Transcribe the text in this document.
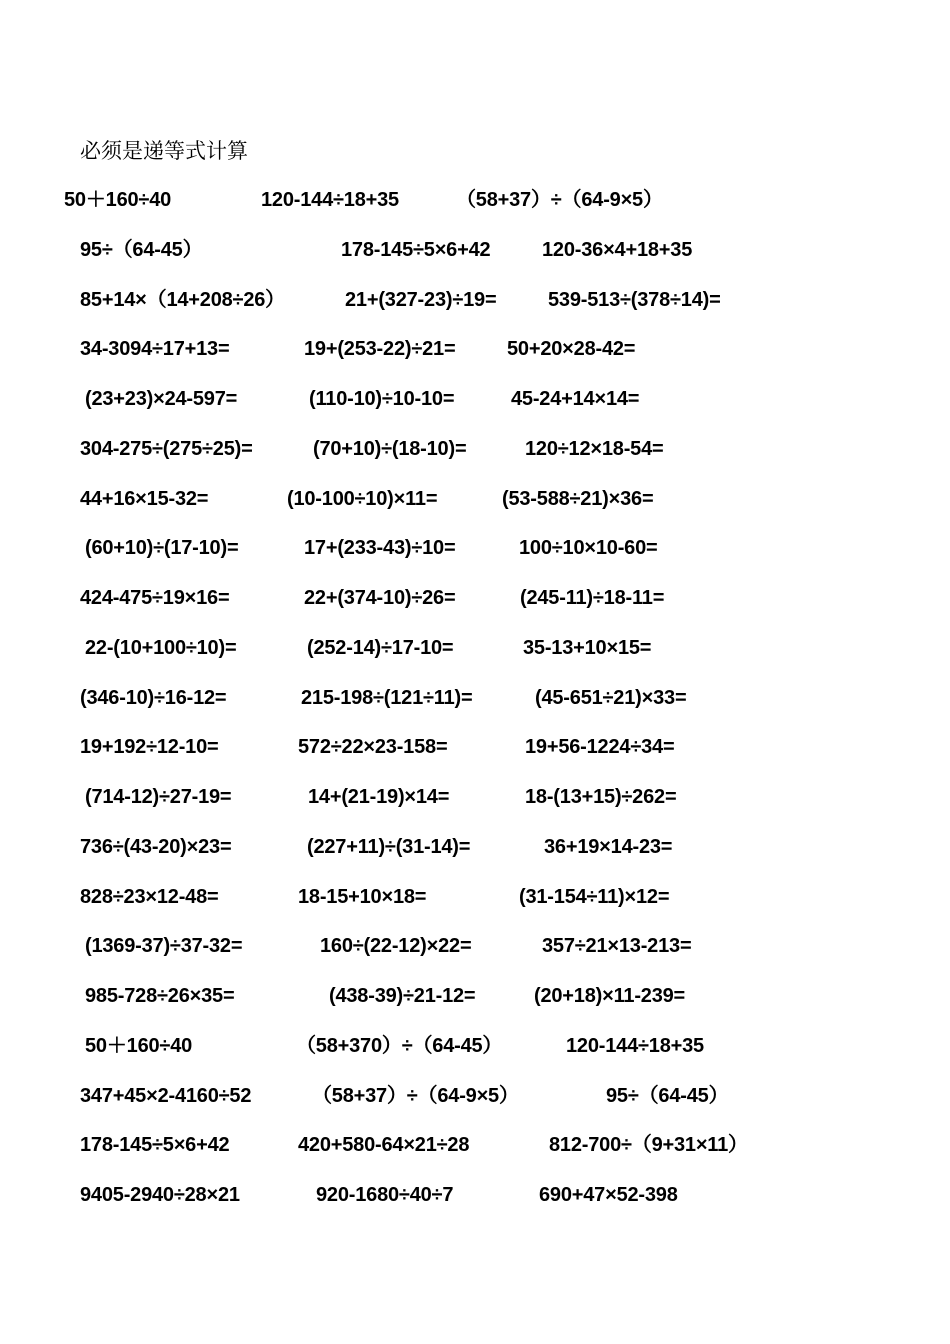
必须是递等式计算
50＋160÷40	120-144÷18+35	（58+37）÷（64-9×5）
95÷（64-45）	178-145÷5×6+42	120-36×4+18+35
85+14×（14+208÷26）	21+(327-23)÷19=	539-513÷(378÷14)=
34-3094÷17+13=	19+(253-22)÷21=	50+20×28-42=
(23+23)×24-597=	(110-10)÷10-10=	45-24+14×14=
304-275÷(275÷25)=	(70+10)÷(18-10)=	120÷12×18-54=
44+16×15-32=	(10-100÷10)×11=	(53-588÷21)×36=
(60+10)÷(17-10)=	17+(233-43)÷10=	100÷10×10-60=
424-475÷19×16=	22+(374-10)÷26=	(245-11)÷18-11=
22-(10+100÷10)=	(252-14)÷17-10=	35-13+10×15=
(346-10)÷16-12=	215-198÷(121÷11)=	(45-651÷21)×33=
19+192÷12-10=	572÷22×23-158=	19+56-1224÷34=
(714-12)÷27-19=	14+(21-19)×14=	18-(13+15)÷262=
736÷(43-20)×23=	(227+11)÷(31-14)=	36+19×14-23=
828÷23×12-48=	18-15+10×18=	(31-154÷11)×12=
(1369-37)÷37-32=	160÷(22-12)×22=	357÷21×13-213=
985-728÷26×35=	(438-39)÷21-12=	(20+18)×11-239=
50＋160÷40	（58+370）÷（64-45）	120-144÷18+35
347+45×2-4160÷52	（58+37）÷（64-9×5）	95÷（64-45）
178-145÷5×6+42	420+580-64×21÷28	812-700÷（9+31×11）
9405-2940÷28×21	920-1680÷40÷7	690+47×52-398
